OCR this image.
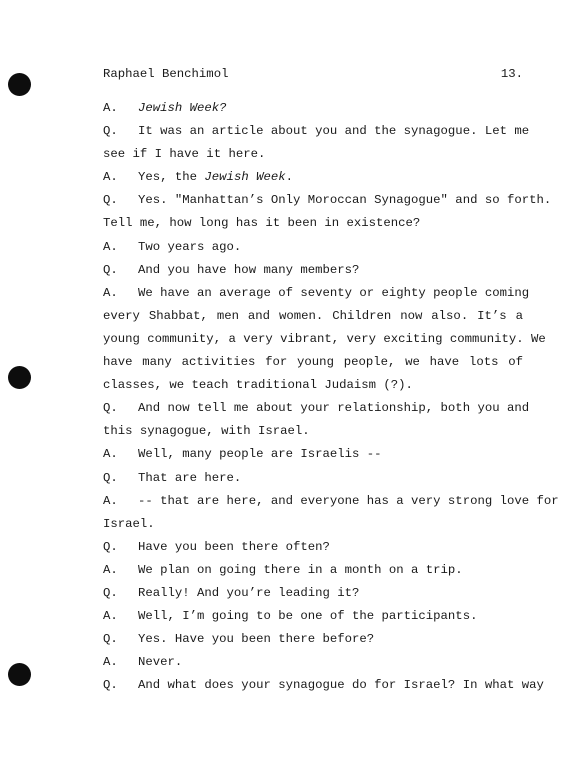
Raphael Benchimol	13.
A. Jewish Week?
Q. It was an article about you and the synagogue. Let me
see if I have it here.
A. Yes, the Jewish Week.
Q. Yes. "Manhattan’s Only Moroccan Synagogue" and so forth.
Tell me, how long has it been in existence?
A. Two years ago.
Q. And you have how many members?
A. We have an average of seventy or eighty people coming
every Shabbat, men and women. Children now also. It’s a
young community, a very vibrant, very exciting community. We
have many activities for young people, we have lots of
classes, we teach traditional Judaism (?).
Q. And now tell me about your relationship, both you and
this synagogue, with Israel.
A. Well, many people are Israelis --
Q. That are here.
A. -- that are here, and everyone has a very strong love for
Israel.
Q. Have you been there often?
A. We plan on going there in a month on a trip.
Q. Really! And you’re leading it?
A. Well, I’m going to be one of the participants.
Q. Yes. Have you been there before?
A. Never.
Q. And what does your synagogue do for Israel? In what way
